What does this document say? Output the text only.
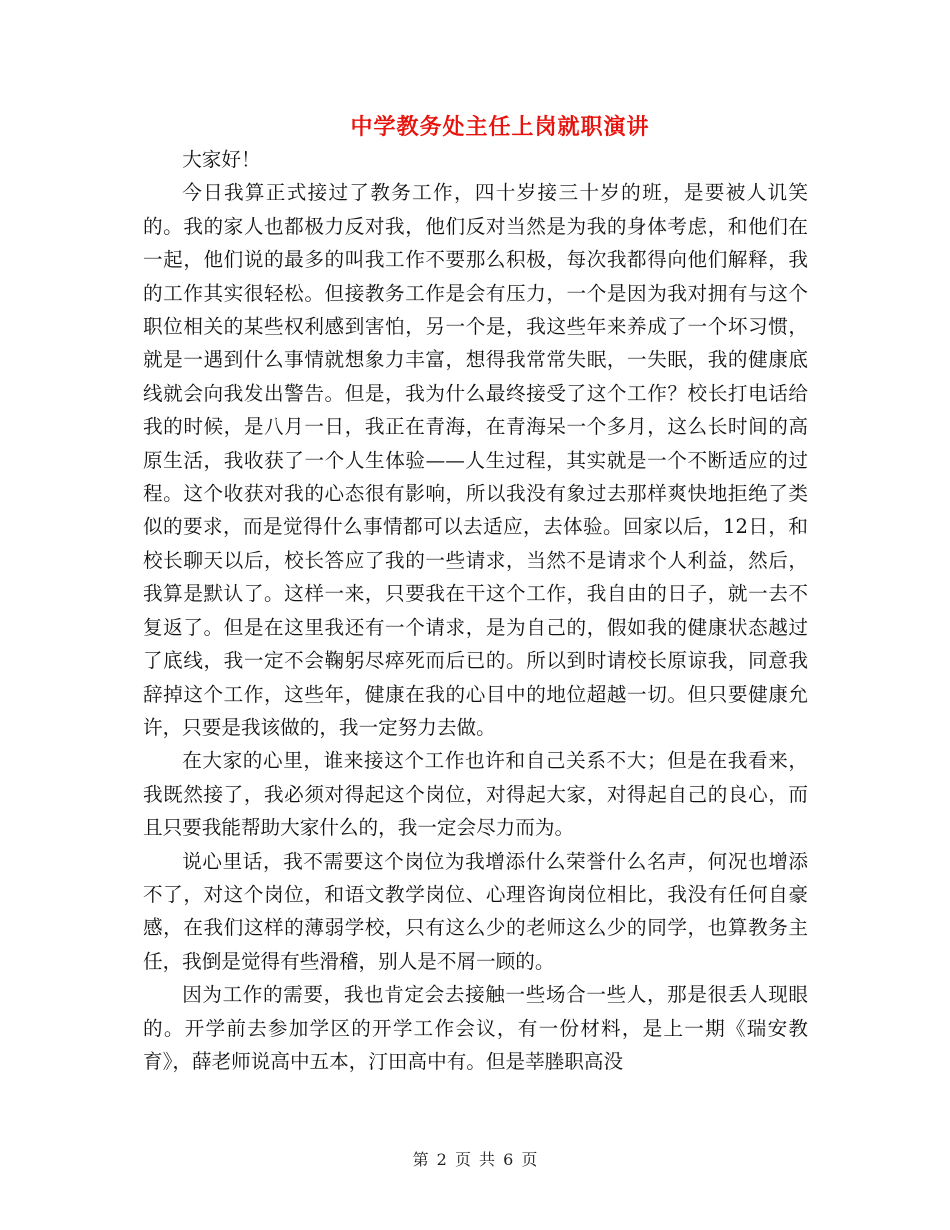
中学教务处主任上岗就职演讲

大家好！

今日我算正式接过了教务工作，四十岁接三十岁的班，是要被人讥笑的。我的家人也都极力反对我，他们反对当然是为我的身体考虑，和他们在一起，他们说的最多的叫我工作不要那么积极，每次我都得向他们解释，我的工作其实很轻松。但接教务工作是会有压力，一个是因为我对拥有与这个职位相关的某些权利感到害怕，另一个是，我这些年来养成了一个坏习惯，就是一遇到什么事情就想象力丰富，想得我常常失眠，一失眠，我的健康底线就会向我发出警告。但是，我为什么最终接受了这个工作？校长打电话给我的时候，是八月一日，我正在青海，在青海呆一个多月，这么长时间的高原生活，我收获了一个人生体验——人生过程，其实就是一个不断适应的过程。这个收获对我的心态很有影响，所以我没有象过去那样爽快地拒绝了类似的要求，而是觉得什么事情都可以去适应，去体验。回家以后，12日，和校长聊天以后，校长答应了我的一些请求，当然不是请求个人利益，然后，我算是默认了。这样一来，只要我在干这个工作，我自由的日子，就一去不复返了。但是在这里我还有一个请求，是为自己的，假如我的健康状态越过了底线，我一定不会鞠躬尽瘁死而后已的。所以到时请校长原谅我，同意我辞掉这个工作，这些年，健康在我的心目中的地位超越一切。但只要健康允许，只要是我该做的，我一定努力去做。

在大家的心里，谁来接这个工作也许和自己关系不大；但是在我看来，我既然接了，我必须对得起这个岗位，对得起大家，对得起自己的良心，而且只要我能帮助大家什么的，我一定会尽力而为。

说心里话，我不需要这个岗位为我增添什么荣誉什么名声，何况也增添不了，对这个岗位，和语文教学岗位、心理咨询岗位相比，我没有任何自豪感，在我们这样的薄弱学校，只有这么少的老师这么少的同学，也算教务主任，我倒是觉得有些滑稽，别人是不屑一顾的。

因为工作的需要，我也肯定会去接触一些场合一些人，那是很丢人现眼的。开学前去参加学区的开学工作会议，有一份材料，是上一期《瑞安教育》，薛老师说高中五本，汀田高中有。但是莘塍职高没

第 2 页 共 6 页
